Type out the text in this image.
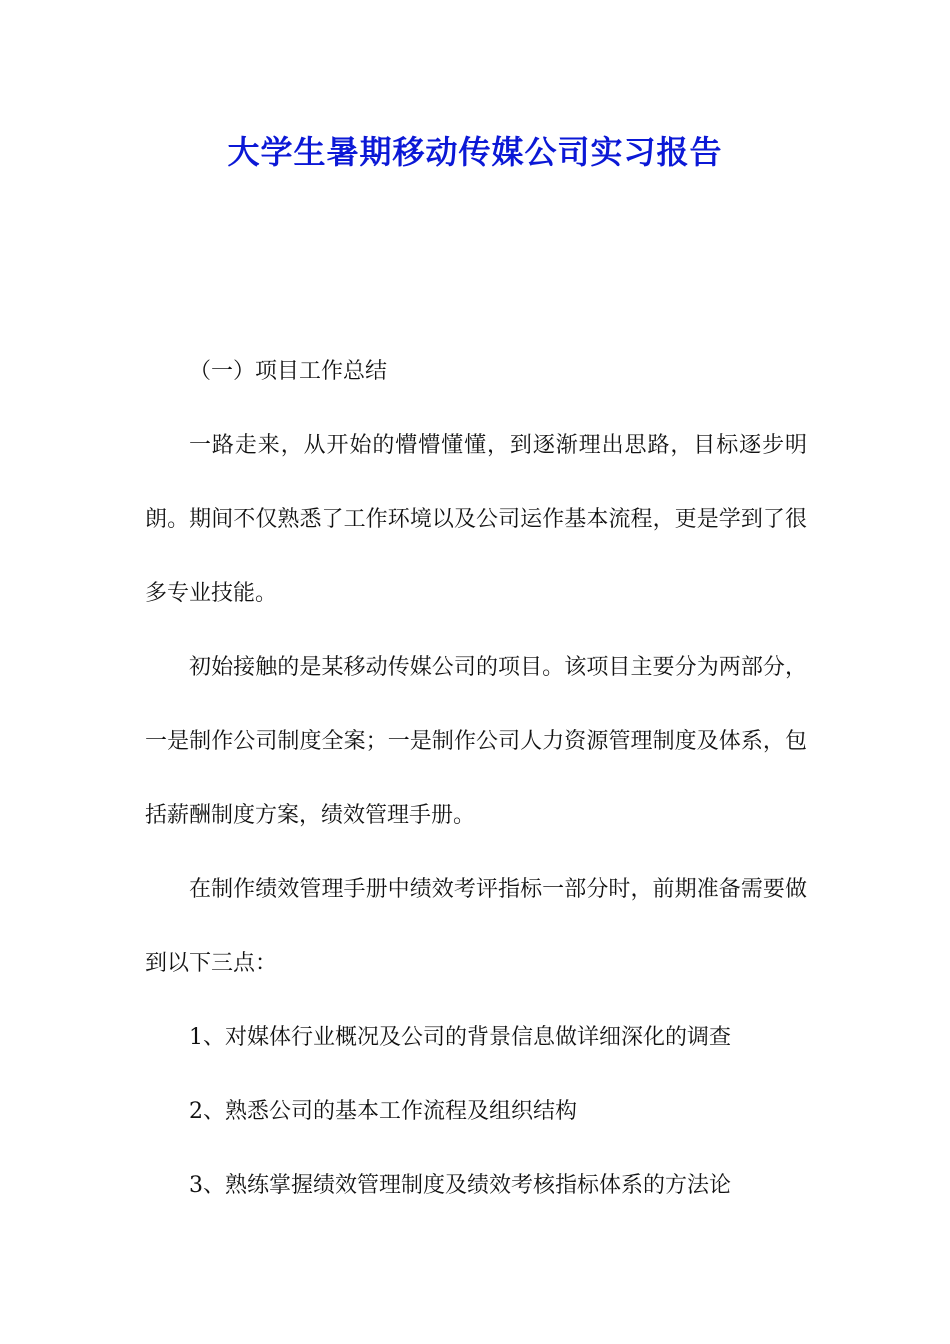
大学生暑期移动传媒公司实习报告

（一）项目工作总结

一路走来，从开始的懵懵懂懂，到逐渐理出思路，目标逐步明朗。期间不仅熟悉了工作环境以及公司运作基本流程，更是学到了很多专业技能。

初始接触的是某移动传媒公司的项目。该项目主要分为两部分，一是制作公司制度全案；一是制作公司人力资源管理制度及体系，包括薪酬制度方案，绩效管理手册。

在制作绩效管理手册中绩效考评指标一部分时，前期准备需要做到以下三点：

1、对媒体行业概况及公司的背景信息做详细深化的调查

2、熟悉公司的基本工作流程及组织结构

3、熟练掌握绩效管理制度及绩效考核指标体系的方法论
